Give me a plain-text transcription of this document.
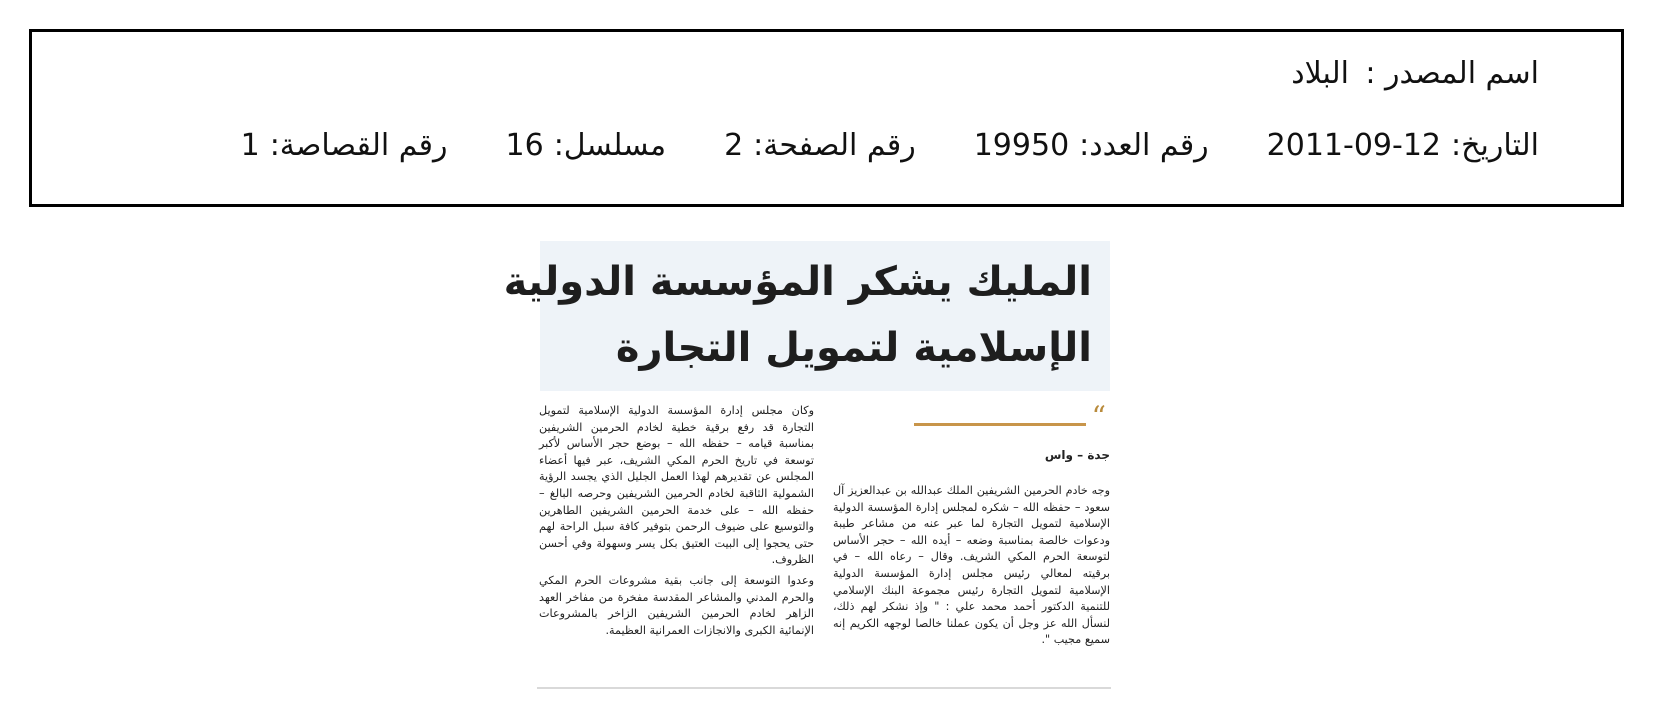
اسم المصدر :
البلاد
التاريخ:
2011-09-12
رقم العدد:
19950
رقم الصفحة:
2
مسلسل:
16
رقم القصاصة:
1
المليك يشكر المؤسسة الدولية
الإسلامية لتمويل التجارة
“
جدة – واس
وجه خادم الحرمين الشريفين الملك عبدالله بن عبدالعزيز آل سعود – حفظه الله – شكره لمجلس إدارة المؤسسة الدولية الإسلامية لتمويل التجارة لما عبر عنه من مشاعر طيبة ودعوات خالصة بمناسبة وضعه – أيده الله – حجر الأساس لتوسعة الحرم المكي الشريف. وقال – رعاه الله – في برقيته لمعالي رئيس مجلس إدارة المؤسسة الدولية الإسلامية لتمويل التجارة رئيس مجموعة البنك الإسلامي للتنمية الدكتور أحمد محمد علي : " وإذ نشكر لهم ذلك، لنسأل الله عز وجل أن يكون عملنا خالصا لوجهه الكريم إنه سميع مجيب ".

وكان مجلس إدارة المؤسسة الدولية الإسلامية لتمويل التجارة قد رفع برقية خطية لخادم الحرمين الشريفين بمناسبة قيامه – حفظه الله – بوضع حجر الأساس لأكبر توسعة في تاريخ الحرم المكي الشريف، عبر فيها أعضاء المجلس عن تقديرهم لهذا العمل الجليل الذي يجسد الرؤية الشمولية الثاقبة لخادم الحرمين الشريفين وحرصه البالغ – حفظه الله – على خدمة الحرمين الشريفين الطاهرين والتوسيع على ضيوف الرحمن بتوفير كافة سبل الراحة لهم حتى يحجوا إلى البيت العتيق بكل يسر وسهولة وفي أحسن الظروف.

وعدوا التوسعة إلى جانب بقية مشروعات الحرم المكي والحرم المدني والمشاعر المقدسة مفخرة من مفاخر العهد الزاهر لخادم الحرمين الشريفين الزاخر بالمشروعات الإنمائية الكبرى والانجازات العمرانية العظيمة.
